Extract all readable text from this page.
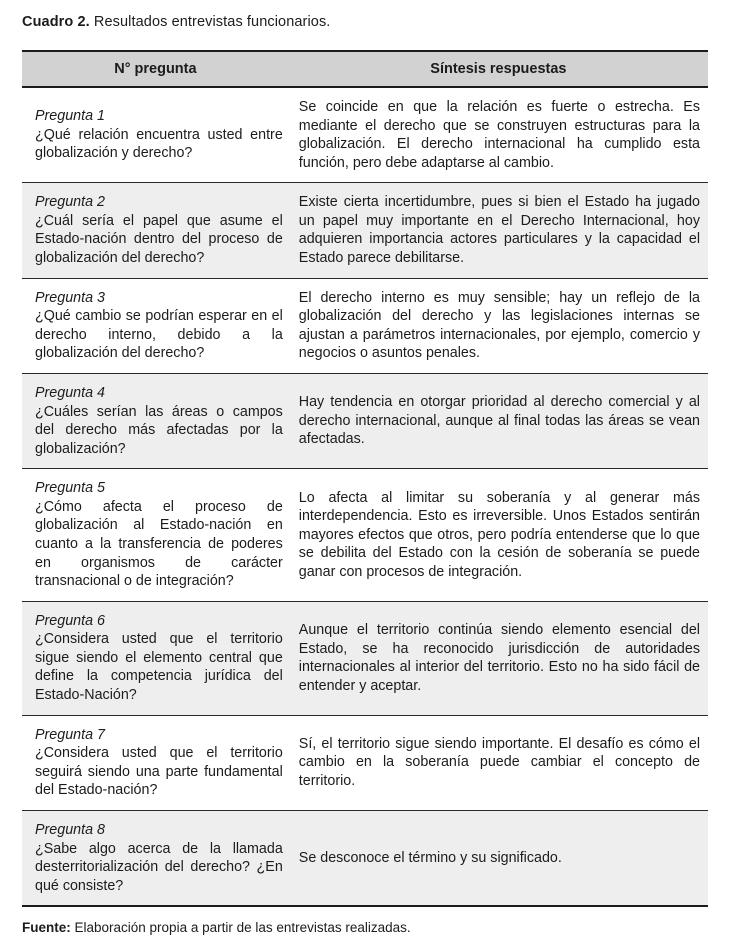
Cuadro 2. Resultados entrevistas funcionarios.

N° pregunta	Síntesis respuestas

Pregunta 1
¿Qué relación encuentra usted entre globalización y derecho?	Se coincide en que la relación es fuerte o estrecha. Es mediante el derecho que se construyen estructuras para la globalización. El derecho internacional ha cumplido esta función, pero debe adaptarse al cambio.

Pregunta 2
¿Cuál sería el papel que asume el Estado-nación dentro del proceso de globalización del derecho?	Existe cierta incertidumbre, pues si bien el Estado ha jugado un papel muy importante en el Derecho Internacional, hoy adquieren importancia actores particulares y la capacidad el Estado parece debilitarse.

Pregunta 3
¿Qué cambio se podrían esperar en el derecho interno, debido a la globalización del derecho?	El derecho interno es muy sensible; hay un reflejo de la globalización del derecho y las legislaciones internas se ajustan a parámetros internacionales, por ejemplo, comercio y negocios o asuntos penales.

Pregunta 4
¿Cuáles serían las áreas o campos del derecho más afectadas por la globalización?	Hay tendencia en otorgar prioridad al derecho comercial y al derecho internacional, aunque al final todas las áreas se vean afectadas.

Pregunta 5
¿Cómo afecta el proceso de globalización al Estado-nación en cuanto a la transferencia de poderes en organismos de carácter transnacional o de integración?	Lo afecta al limitar su soberanía y al generar más interdependencia. Esto es irreversible. Unos Estados sentirán mayores efectos que otros, pero podría entenderse que lo que se debilita del Estado con la cesión de soberanía se puede ganar con procesos de integración.

Pregunta 6
¿Considera usted que el territorio sigue siendo el elemento central que define la competencia jurídica del Estado-Nación?	Aunque el territorio continúa siendo elemento esencial del Estado, se ha reconocido jurisdicción de autoridades internacionales al interior del territorio. Esto no ha sido fácil de entender y aceptar.

Pregunta 7
¿Considera usted que el territorio seguirá siendo una parte fundamental del Estado-nación?	Sí, el territorio sigue siendo importante. El desafío es cómo el cambio en la soberanía puede cambiar el concepto de territorio.

Pregunta 8
¿Sabe algo acerca de la llamada desterritorialización del derecho? ¿En qué consiste?	Se desconoce el término y su significado.

Fuente: Elaboración propia a partir de las entrevistas realizadas.
